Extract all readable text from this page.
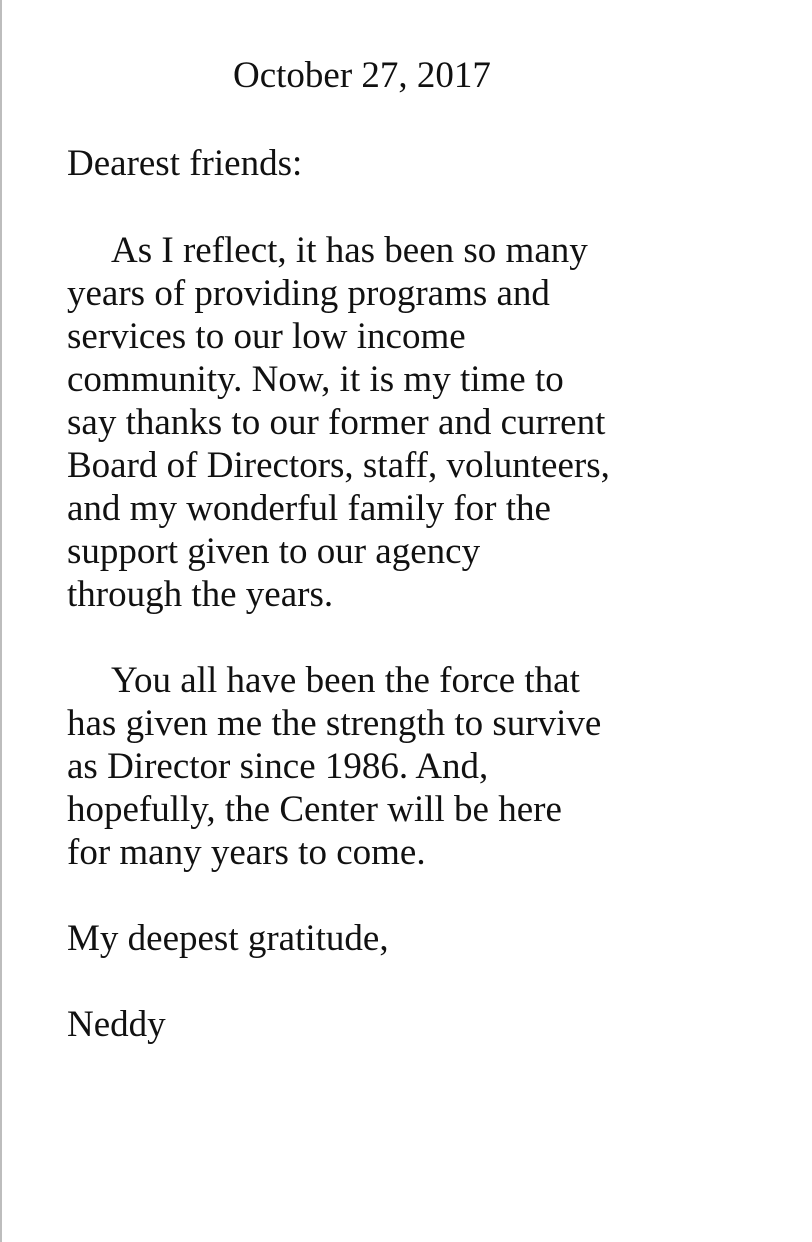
October 27, 2017
Dearest friends:
As I reflect, it has been so many
years of providing programs and
services to our low income
community. Now, it is my time to
say thanks to our former and current
Board of Directors, staff, volunteers,
and my wonderful family for the
support given to our agency
through the years.
You all have been the force that
has given me the strength to survive
as Director since 1986. And,
hopefully, the Center will be here
for many years to come.
My deepest gratitude,
Neddy
